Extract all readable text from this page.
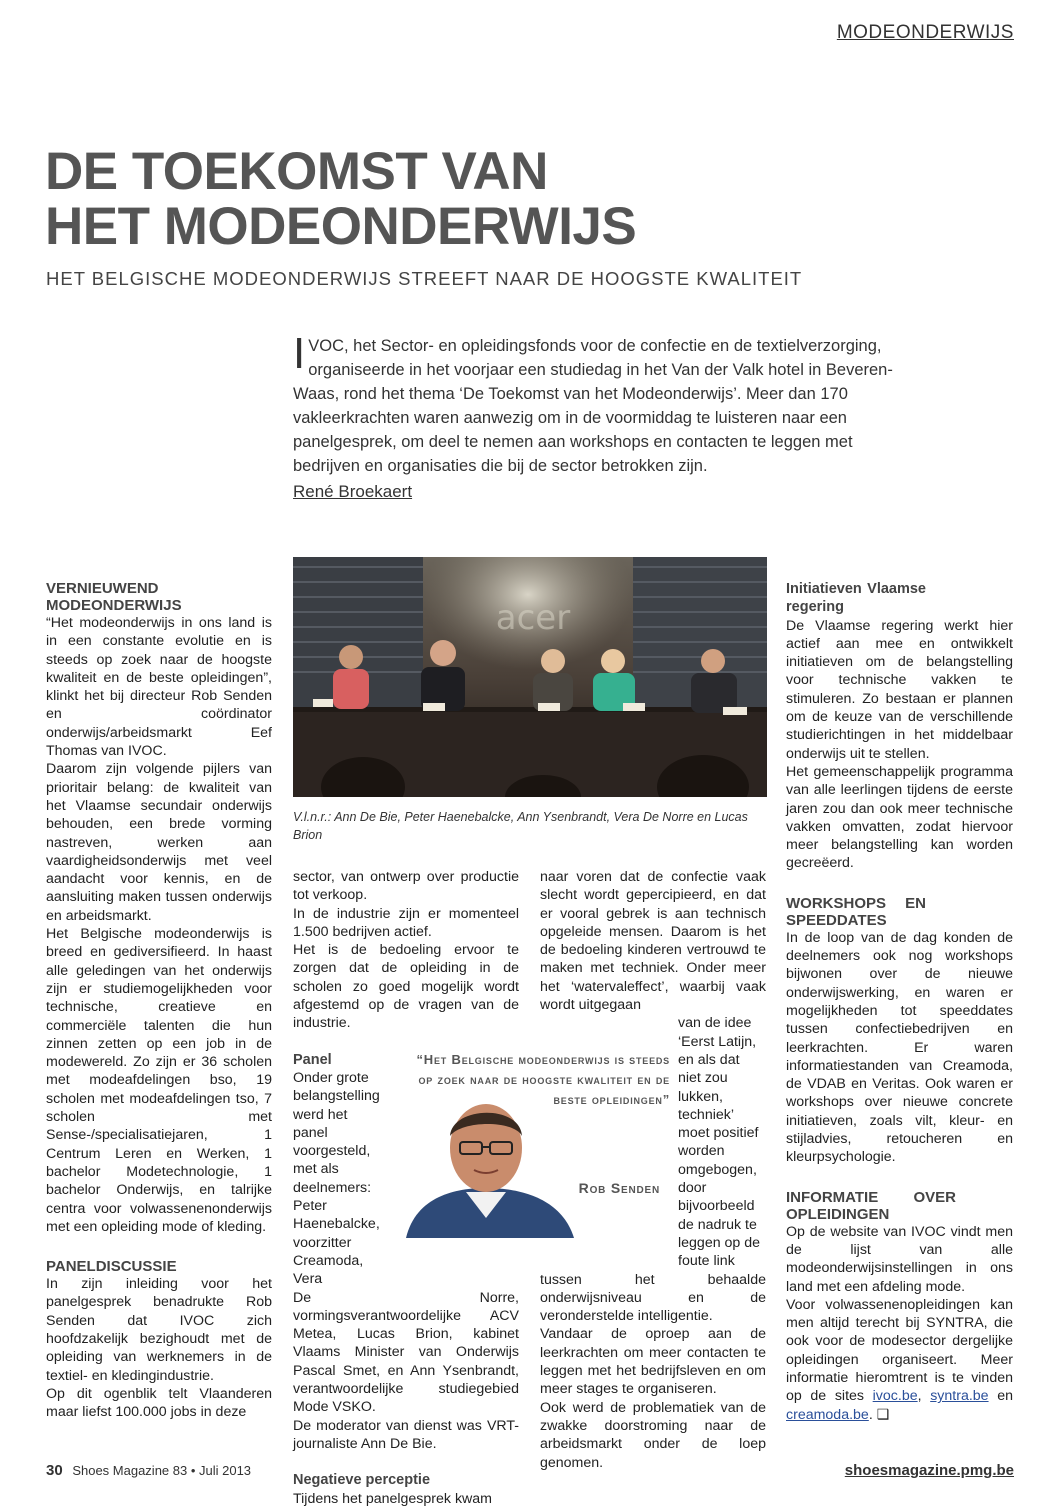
MODEONDERWIJS
DE TOEKOMST VAN
HET MODEONDERWIJS
HET BELGISCHE MODEONDERWIJS STREEFT NAAR DE HOOGSTE KWALITEIT
I VOC, het Sector- en opleidingsfonds voor de confectie en de textielverzorging, organiseerde in het voorjaar een studiedag in het Van der Valk hotel in Beveren-Waas, rond het thema ‘De Toekomst van het Modeonderwijs’. Meer dan 170 vakleerkrachten waren aanwezig om in de voormiddag te luisteren naar een panelgesprek, om deel te nemen aan workshops en contacten te leggen met bedrijven en organisaties die bij de sector betrokken zijn.
René Broekaert

VERNIEUWEND MODEONDERWIJS

“Het modeonderwijs in ons land is in een constante evolutie en is steeds op zoek naar de hoogste kwaliteit en de beste opleidingen”, klinkt het bij directeur Rob Senden en coördinator onderwijs/arbeidsmarkt Eef Thomas van IVOC.

Daarom zijn volgende pijlers van prioritair belang: de kwaliteit van het Vlaamse secundair onderwijs behouden, een brede vorming nastreven, werken aan vaardigheidsonderwijs met veel aandacht voor kennis, en de aansluiting maken tussen onderwijs en arbeidsmarkt.

Het Belgische modeonderwijs is breed en gediversifieerd. In haast alle geledingen van het onderwijs zijn er studiemogelijkheden voor technische, creatieve en commerciële talenten die hun zinnen zetten op een job in de modewereld. Zo zijn er 36 scholen met modeafdelingen bso, 19 scholen met modeafdelingen tso, 7 scholen met Sense-/specialisatiejaren, 1 Centrum Leren en Werken, 1 bachelor Modetechnologie, 1 bachelor Onderwijs, en talrijke centra voor volwassenenonderwijs met een opleiding mode of kleding.

PANELDISCUSSIE

In zijn inleiding voor het panelgesprek benadrukte Rob Senden dat IVOC zich hoofdzakelijk bezighoudt met de opleiding van werknemers in de textiel- en kledingindustrie.

Op dit ogenblik telt Vlaanderen maar liefst 100.000 jobs in deze

acer
V.l.n.r.: Ann De Bie, Peter Haenebalcke, Ann Ysenbrandt, Vera De Norre en Lucas Brion

sector, van ontwerp over productie tot verkoop.

In de industrie zijn er momenteel 1.500 bedrijven actief.

Het is de bedoeling ervoor te zorgen dat de opleiding in de scholen zo goed mogelijk wordt afgestemd op de vragen van de industrie.

Panel

Onder grote belangstelling werd het panel voorgesteld, met als deelnemers: Peter Haenebalcke, voorzitter Creamoda, Vera

De Norre, vormingsverantwoordelijke ACV Metea, Lucas Brion, kabinet Vlaams Minister van Onderwijs Pascal Smet, en Ann Ysenbrandt, verantwoordelijke studiegebied Mode VSKO.

De moderator van dienst was VRT-journaliste Ann De Bie.

Negatieve perceptie

Tijdens het panelgesprek kwam

naar voren dat de confectie vaak slecht wordt gepercipieerd, en dat er vooral gebrek is aan technisch opgeleide mensen. Daarom is het de bedoeling kinderen vertrouwd te maken met techniek. Onder meer het ‘watervaleffect’, waarbij vaak wordt uitgegaan

van de idee ‘Eerst Latijn, en als dat niet zou lukken, techniek’ moet positief worden omgebogen, door bijvoorbeeld de nadruk te leggen op de foute link

tussen het behaalde onderwijsniveau en de veronderstelde intelligentie.

Vandaar de oproep aan de leerkrachten om meer contacten te leggen met het bedrijfsleven en om meer stages te organiseren.

Ook werd de problematiek van de zwakke doorstroming naar de arbeidsmarkt onder de loep genomen.

“Het Belgische modeonderwijs is steeds op zoek naar de hoogste kwaliteit en de beste opleidingen”
Rob Senden

Initiatieven Vlaamse regering

De Vlaamse regering werkt hier actief aan mee en ontwikkelt initiatieven om de belangstelling voor technische vakken te stimuleren. Zo bestaan er plannen om de keuze van de verschillende studierichtingen in het middelbaar onderwijs uit te stellen.

Het gemeenschappelijk programma van alle leerlingen tijdens de eerste jaren zou dan ook meer technische vakken omvatten, zodat hiervoor meer belangstelling kan worden gecreëerd.

WORKSHOPS EN SPEEDDATES

In de loop van de dag konden de deelnemers ook nog workshops bijwonen over de nieuwe onderwijswerking, en waren er mogelijkheden tot speeddates tussen confectiebedrijven en leerkrachten. Er waren informatiestanden van Creamoda, de VDAB en Veritas. Ook waren er workshops over nieuwe concrete initiatieven, zoals vilt, kleur- en stijladvies, retoucheren en kleurpsychologie.

INFORMATIE OVER OPLEIDINGEN

Op de website van IVOC vindt men de lijst van alle modeonderwijsinstellingen in ons land met een afdeling mode.

Voor volwassenenopleidingen kan men altijd terecht bij SYNTRA, die ook voor de modesector dergelijke opleidingen organiseert. Meer informatie hieromtrent is te vinden op de sites ivoc.be, syntra.be en creamoda.be. ❑

30 Shoes Magazine 83 • Juli 2013	shoesmagazine.pmg.be
